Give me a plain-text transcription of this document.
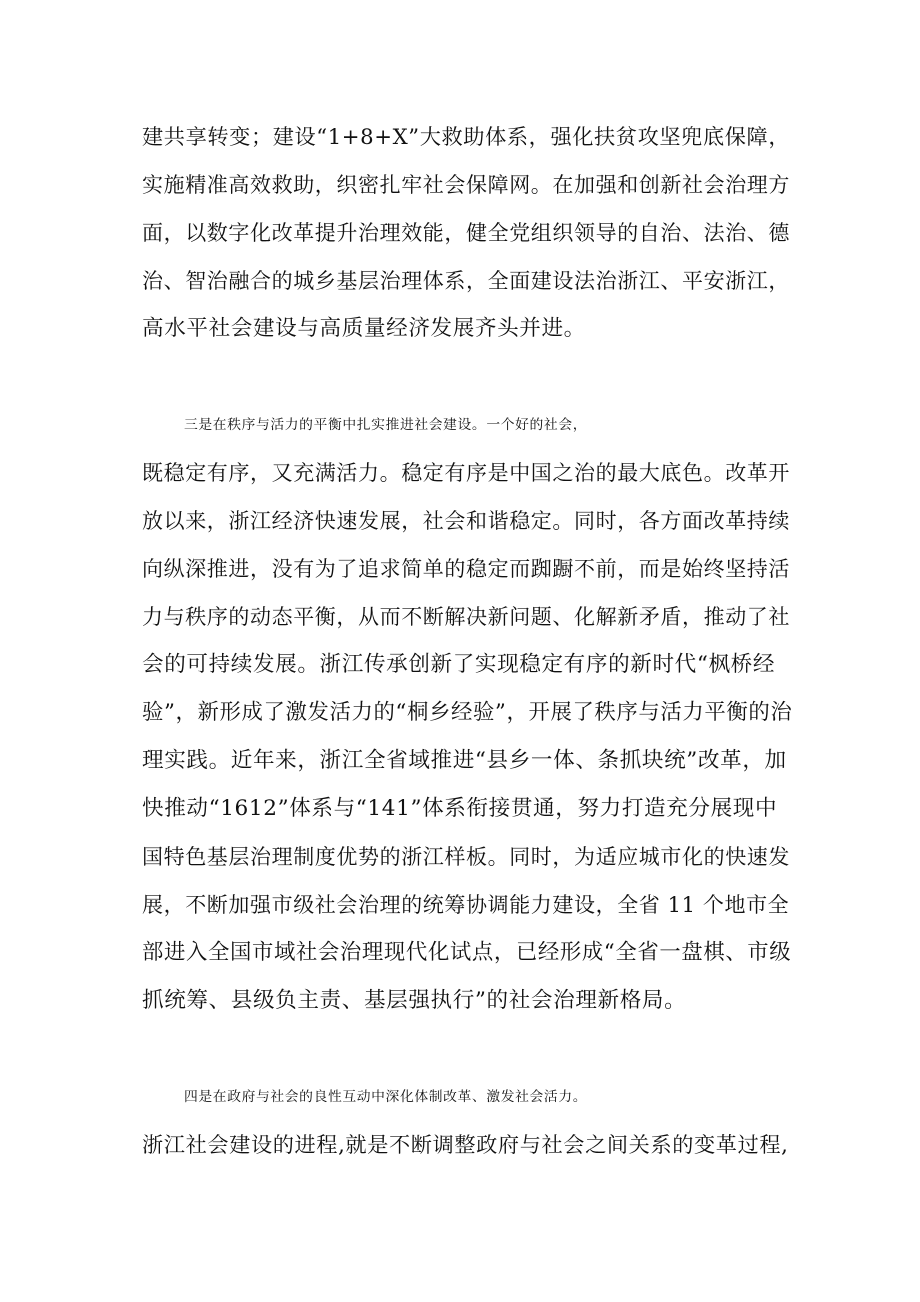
建共享转变；建设“1+8+X”大救助体系，强化扶贫攻坚兜底保障，
实施精准高效救助，织密扎牢社会保障网。在加强和创新社会治理方
面，以数字化改革提升治理效能，健全党组织领导的自治、法治、德
治、智治融合的城乡基层治理体系，全面建设法治浙江、平安浙江，
高水平社会建设与高质量经济发展齐头并进。
三是在秩序与活力的平衡中扎实推进社会建设。一个好的社会，
既稳定有序，又充满活力。稳定有序是中国之治的最大底色。改革开
放以来，浙江经济快速发展，社会和谐稳定。同时，各方面改革持续
向纵深推进，没有为了追求简单的稳定而踟蹰不前，而是始终坚持活
力与秩序的动态平衡，从而不断解决新问题、化解新矛盾，推动了社
会的可持续发展。浙江传承创新了实现稳定有序的新时代“枫桥经
验”，新形成了激发活力的“桐乡经验”，开展了秩序与活力平衡的治
理实践。近年来，浙江全省域推进“县乡一体、条抓块统”改革，加
快推动“1612”体系与“141”体系衔接贯通，努力打造充分展现中
国特色基层治理制度优势的浙江样板。同时，为适应城市化的快速发
展，不断加强市级社会治理的统筹协调能力建设，全省 11 个地市全
部进入全国市域社会治理现代化试点，已经形成“全省一盘棋、市级
抓统筹、县级负主责、基层强执行”的社会治理新格局。
四是在政府与社会的良性互动中深化体制改革、激发社会活力。
浙江社会建设的进程,就是不断调整政府与社会之间关系的变革过程,
